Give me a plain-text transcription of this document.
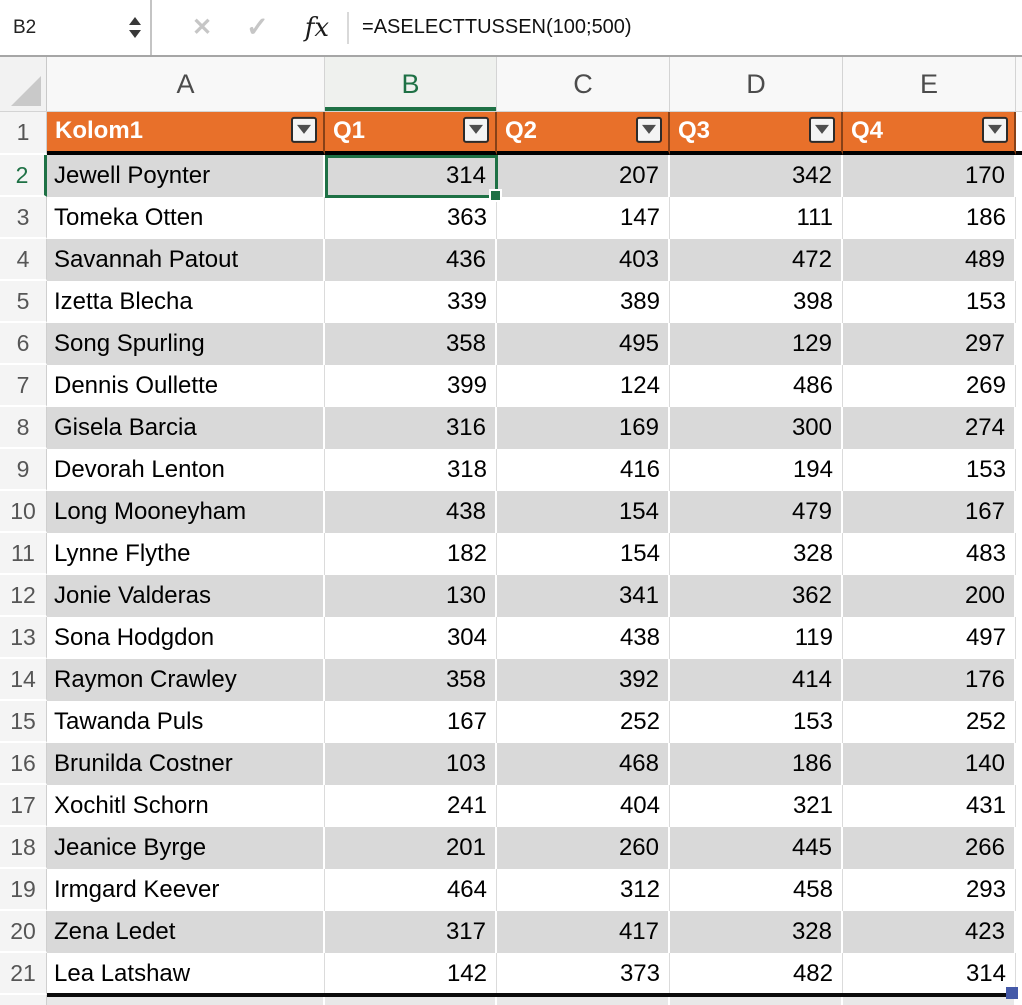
B2	✕ ✓ fx =ASELECTTUSSEN(100;500)
A	B	C	D	E
1	Kolom1	Q1	Q2	Q3	Q4
2	Jewell Poynter	314	207	342	170
3	Tomeka Otten	363	147	111	186
4	Savannah Patout	436	403	472	489
5	Izetta Blecha	339	389	398	153
6	Song Spurling	358	495	129	297
7	Dennis Oullette	399	124	486	269
8	Gisela Barcia	316	169	300	274
9	Devorah Lenton	318	416	194	153
10 Long Mooneyham	438	154	479	167
11 Lynne Flythe	182	154	328	483
12 Jonie Valderas	130	341	362	200
13 Sona Hodgdon	304	438	119	497
14 Raymon Crawley	358	392	414	176
15 Tawanda Puls	167	252	153	252
16 Brunilda Costner	103	468	186	140
17 Xochitl Schorn	241	404	321	431
18 Jeanice Byrge	201	260	445	266
19 Irmgard Keever	464	312	458	293
20 Zena Ledet	317	417	328	423
21 Lea Latshaw	142	373	482	314
